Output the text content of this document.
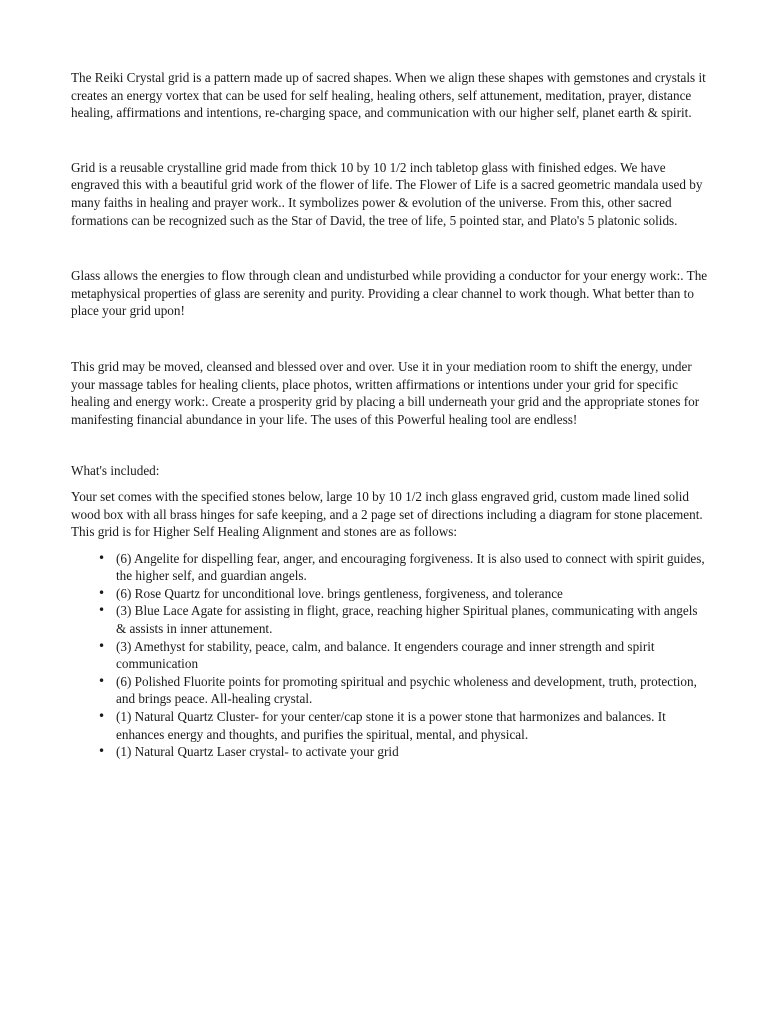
The Reiki Crystal grid is a pattern made up of sacred shapes. When we align these shapes with gemstones and crystals it creates an energy vortex that can be used for self healing, healing others, self attunement, meditation, prayer, distance healing, affirmations and intentions, re-charging space, and communication with our higher self, planet earth & spirit.

Grid is a reusable crystalline grid made from thick 10 by 10 1/2 inch tabletop glass with finished edges. We have engraved this with a beautiful grid work of the flower of life. The Flower of Life is a sacred geometric mandala used by many faiths in healing and prayer work.. It symbolizes power & evolution of the universe. From this, other sacred formations can be recognized such as the Star of David, the tree of life, 5 pointed star, and Plato's 5 platonic solids.

Glass allows the energies to flow through clean and undisturbed while providing a conductor for your energy work:. The metaphysical properties of glass are serenity and purity. Providing a clear channel to work though. What better than to place your grid upon!

This grid may be moved, cleansed and blessed over and over. Use it in your mediation room to shift the energy, under your massage tables for healing clients, place photos, written affirmations or intentions under your grid for specific healing and energy work:. Create a prosperity grid by placing a bill underneath your grid and the appropriate stones for manifesting financial abundance in your life. The uses of this Powerful healing tool are endless!

What's included:

Your set comes with the specified stones below, large 10 by 10 1/2 inch glass engraved grid, custom made lined solid wood box with all brass hinges for safe keeping, and a 2 page set of directions including a diagram for stone placement. This grid is for Higher Self Healing Alignment and stones are as follows:

• (6) Angelite for dispelling fear, anger, and encouraging forgiveness. It is also used to connect with spirit guides, the higher self, and guardian angels.
• (6) Rose Quartz for unconditional love. brings gentleness, forgiveness, and tolerance
• (3) Blue Lace Agate for assisting in flight, grace, reaching higher Spiritual planes, communicating with angels & assists in inner attunement.
• (3) Amethyst for stability, peace, calm, and balance. It engenders courage and inner strength and spirit communication
• (6) Polished Fluorite points for promoting spiritual and psychic wholeness and development, truth, protection, and brings peace. All-healing crystal.
• (1) Natural Quartz Cluster- for your center/cap stone it is a power stone that harmonizes and balances. It enhances energy and thoughts, and purifies the spiritual, mental, and physical.
• (1) Natural Quartz Laser crystal- to activate your grid
